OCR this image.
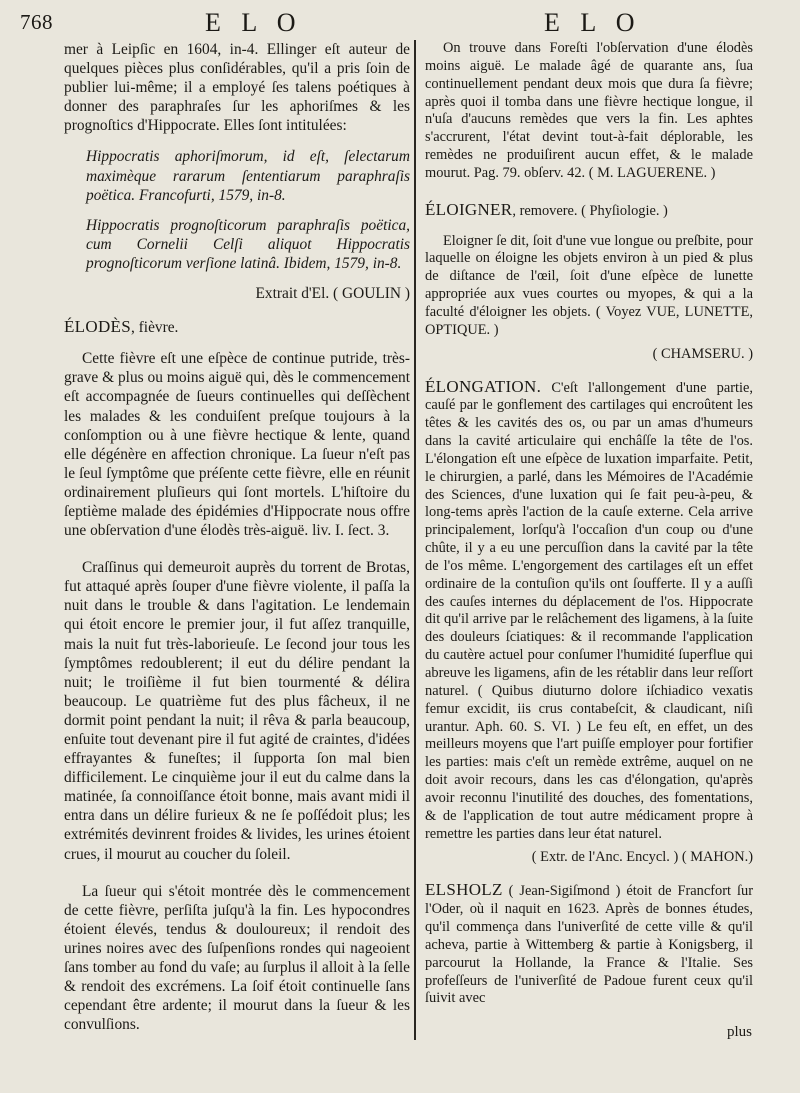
768	E L O	E L O

mer à Leipſic en 1604, in-4. Ellinger eſt auteur de quelques pièces plus conſidérables, qu'il a pris ſoin de publier lui-même; il a employé ſes talens poétiques à donner des paraphraſes ſur les aphoriſmes & les prognoſtics d'Hippocrate. Elles ſont intitulées:

Hippocratis aphoriſmorum, id eſt, ſelectarum maximèque rararum ſententiarum paraphraſis poëtica. Francofurti, 1579, in-8.

Hippocratis prognoſticorum paraphraſis poëtica, cum Cornelii Celſi aliquot Hippocratis prognoſticorum verſione latinâ. Ibidem, 1579, in-8.

Extrait d'El. ( GOULIN )

ÉLODÈS, fièvre.

Cette fièvre eſt une eſpèce de continue putride, très-grave & plus ou moins aiguë qui, dès le commencement eſt accompagnée de ſueurs continuelles qui deſſèchent les malades & les conduiſent preſque toujours à la conſomption ou à une fièvre hectique & lente, quand elle dégénère en affection chronique. La ſueur n'eſt pas le ſeul ſymptôme que préſente cette fièvre, elle en réunit ordinairement pluſieurs qui ſont mortels. L'hiſtoire du ſeptième malade des épidémies d'Hippocrate nous offre une obſervation d'une élodès très-aiguë. liv. I. ſect. 3.

Craſſinus qui demeuroit auprès du torrent de Brotas, fut attaqué après ſouper d'une fièvre violente, il paſſa la nuit dans le trouble & dans l'agitation. Le lendemain qui étoit encore le premier jour, il fut aſſez tranquille, mais la nuit fut très-laborieuſe. Le ſecond jour tous les ſymptômes redoublerent; il eut du délire pendant la nuit; le troiſième il fut bien tourmenté & délira beaucoup. Le quatrième fut des plus fâcheux, il ne dormit point pendant la nuit; il rêva & parla beaucoup, enſuite tout devenant pire il fut agité de craintes, d'idées effrayantes & funeſtes; il ſupporta ſon mal bien difficilement. Le cinquième jour il eut du calme dans la matinée, ſa connoiſſance étoit bonne, mais avant midi il entra dans un délire furieux & ne ſe poſſédoit plus; les extrémités devinrent froides & livides, les urines étoient crues, il mourut au coucher du ſoleil.

La ſueur qui s'étoit montrée dès le commencement de cette fièvre, perſiſta juſqu'à la fin. Les hypocondres étoient élevés, tendus & douloureux; il rendoit des urines noires avec des ſuſpenſions rondes qui nageoient ſans tomber au fond du vaſe; au ſurplus il alloit à la ſelle & rendoit des excrémens. La ſoif étoit continuelle ſans cependant être ardente; il mourut dans la ſueur & les convulſions.

On trouve dans Foreſti l'obſervation d'une élodès moins aiguë. Le malade âgé de quarante ans, ſua continuellement pendant deux mois que dura ſa fièvre; après quoi il tomba dans une fièvre hectique longue, il n'uſa d'aucuns remèdes que vers la fin. Les aphtes s'accrurent, l'état devint tout-à-fait déplorable, les remèdes ne produiſirent aucun effet, & le malade mourut. Pag. 79. obſerv. 42. ( M. LAGUERENE. )

ÉLOIGNER, removere. ( Phyſiologie. )

Eloigner ſe dit, ſoit d'une vue longue ou preſbite, pour laquelle on éloigne les objets environ à un pied & plus de diſtance de l'œil, ſoit d'une eſpèce de lunette appropriée aux vues courtes ou myopes, & qui a la faculté d'éloigner les objets. ( Voyez VUE, LUNETTE, OPTIQUE. )

( CHAMSERU. )

ÉLONGATION. C'eſt l'allongement d'une partie, cauſé par le gonflement des cartilages qui encroûtent les têtes & les cavités des os, ou par un amas d'humeurs dans la cavité articulaire qui enchâſſe la tête de l'os. L'élongation eſt une eſpèce de luxation imparfaite. Petit, le chirurgien, a parlé, dans les Mémoires de l'Académie des Sciences, d'une luxation qui ſe fait peu-à-peu, & long-tems après l'action de la cauſe externe. Cela arrive principalement, lorſqu'à l'occaſion d'un coup ou d'une chûte, il y a eu une percuſſion dans la cavité par la tête de l'os même. L'engorgement des cartilages eſt un effet ordinaire de la contuſion qu'ils ont ſoufferte. Il y a auſſi des cauſes internes du déplacement de l'os. Hippocrate dit qu'il arrive par le relâchement des ligamens, à la ſuite des douleurs ſciatiques: & il recommande l'application du cautère actuel pour conſumer l'humidité ſuperflue qui abreuve les ligamens, afin de les rétablir dans leur reſſort naturel. ( Quibus diuturno dolore iſchiadico vexatis femur excidit, iis crus contabeſcit, & claudicant, niſi urantur. Aph. 60. S. VI. ) Le feu eſt, en effet, un des meilleurs moyens que l'art puiſſe employer pour fortifier les parties: mais c'eſt un remède extrême, auquel on ne doit avoir recours, dans les cas d'élongation, qu'après avoir reconnu l'inutilité des douches, des fomentations, & de l'application de tout autre médicament propre à remettre les parties dans leur état naturel.

( Extr. de l'Anc. Encycl. ) ( MAHON.)

ELSHOLZ ( Jean-Sigiſmond ) étoit de Francfort ſur l'Oder, où il naquit en 1623. Après de bonnes études, qu'il commença dans l'univerſité de cette ville & qu'il acheva, partie à Wittemberg & partie à Konigsberg, il parcourut la Hollande, la France & l'Italie. Ses profeſſeurs de l'univerſité de Padoue furent ceux qu'il ſuivit avec

plus
